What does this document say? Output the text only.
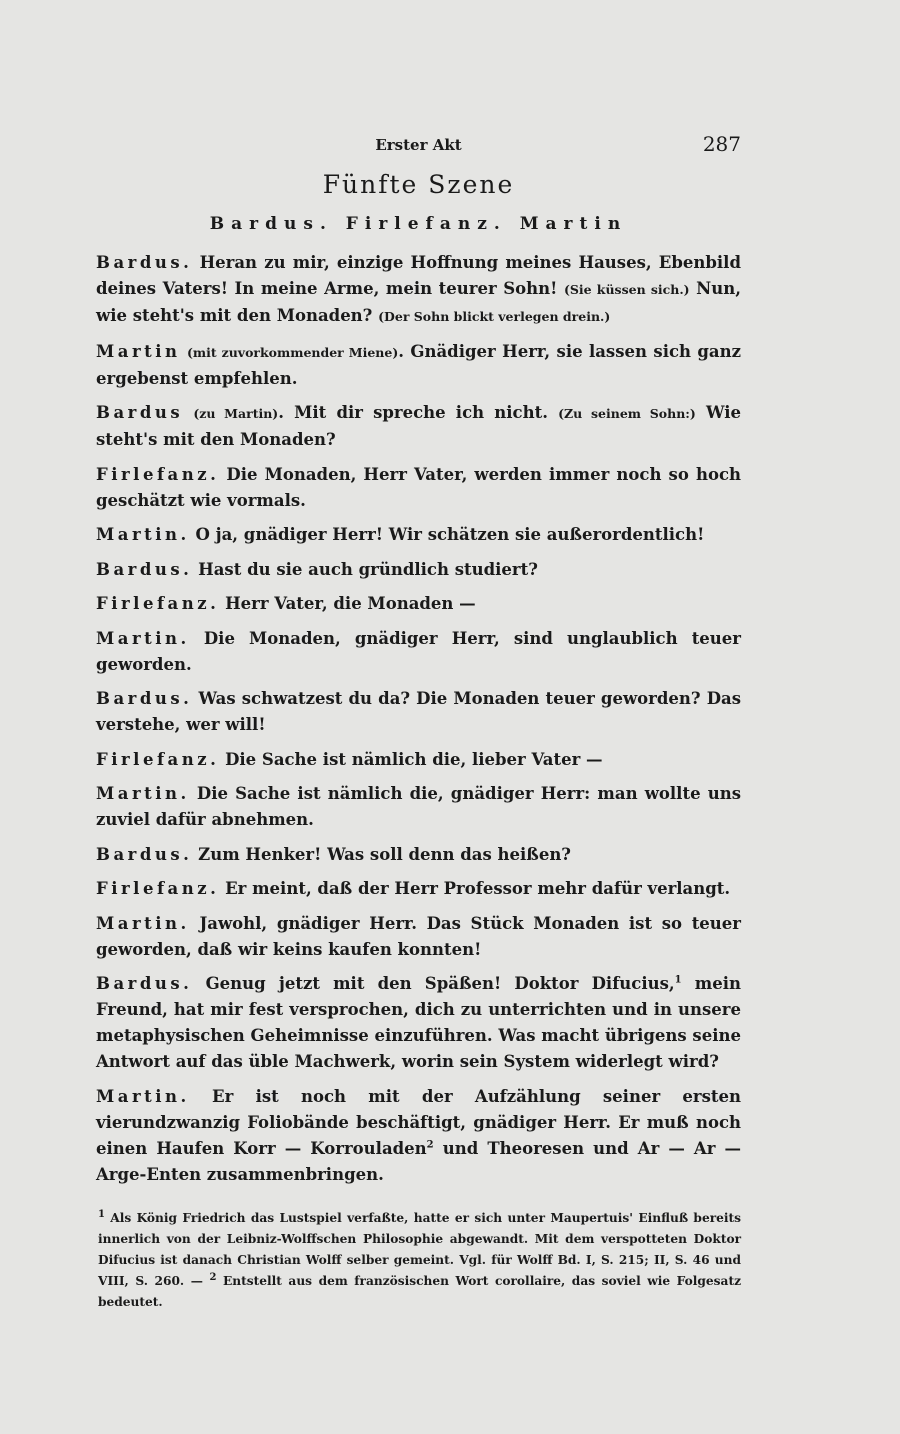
Erster Akt	287
Fünfte Szene
Bardus. Firlefanz. Martin
Bardus. Heran zu mir, einzige Hoffnung meines Hauses, Ebenbild deines Vaters! In meine Arme, mein teurer Sohn! (Sie küssen sich.) Nun, wie steht's mit den Monaden? (Der Sohn blickt verlegen drein.)
Martin (mit zuvorkommender Miene). Gnädiger Herr, sie lassen sich ganz ergebenst empfehlen.
Bardus (zu Martin). Mit dir spreche ich nicht. (Zu seinem Sohn:) Wie steht's mit den Monaden?
Firlefanz. Die Monaden, Herr Vater, werden immer noch so hoch geschätzt wie vormals.
Martin. O ja, gnädiger Herr! Wir schätzen sie außerordentlich!
Bardus. Hast du sie auch gründlich studiert?
Firlefanz. Herr Vater, die Monaden —
Martin. Die Monaden, gnädiger Herr, sind unglaublich teuer geworden.
Bardus. Was schwatzest du da? Die Monaden teuer geworden? Das verstehe, wer will!
Firlefanz. Die Sache ist nämlich die, lieber Vater —
Martin. Die Sache ist nämlich die, gnädiger Herr: man wollte uns zuviel dafür abnehmen.
Bardus. Zum Henker! Was soll denn das heißen?
Firlefanz. Er meint, daß der Herr Professor mehr dafür verlangt.
Martin. Jawohl, gnädiger Herr. Das Stück Monaden ist so teuer geworden, daß wir keins kaufen konnten!
Bardus. Genug jetzt mit den Späßen! Doktor Difucius,$^1$ mein Freund, hat mir fest versprochen, dich zu unterrichten und in unsere metaphysischen Geheimnisse einzuführen. Was macht übrigens seine Antwort auf das üble Machwerk, worin sein System widerlegt wird?
Martin. Er ist noch mit der Aufzählung seiner ersten vierundzwanzig Foliobände beschäftigt, gnädiger Herr. Er muß noch einen Haufen Korr — Korrouladen$^2$ und Theoresen und Ar — Ar — Arge-Enten zusammenbringen.
$^1$ Als König Friedrich das Lustspiel verfaßte, hatte er sich unter Maupertuis' Einfluß bereits innerlich von der Leibniz-Wolffschen Philosophie abgewandt. Mit dem verspotteten Doktor Difucius ist danach Christian Wolff selber gemeint. Vgl. für Wolff Bd. I, S. 215; II, S. 46 und VIII, S. 260. — $^2$ Entstellt aus dem französischen Wort corollaire, das soviel wie Folgesatz bedeutet.
